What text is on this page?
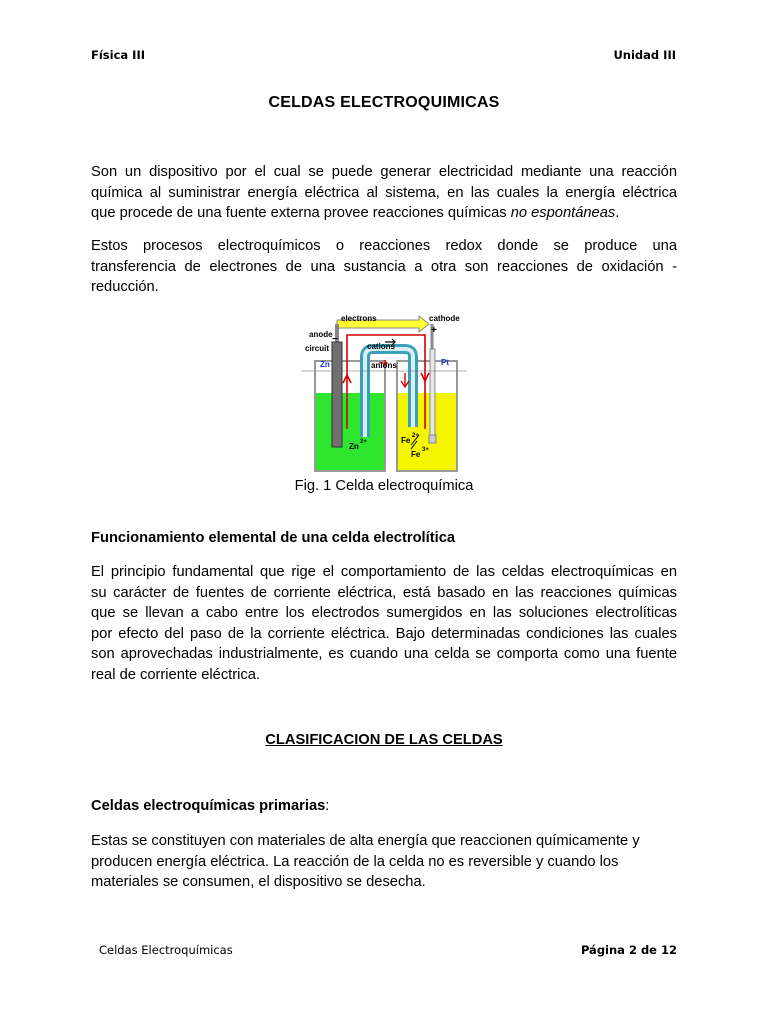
Física III	Unidad III
CELDAS ELECTROQUIMICAS

Son un dispositivo por el cual se puede generar electricidad mediante una reacción
química al suministrar energía eléctrica al sistema, en las cuales la energía eléctrica
que procede de una fuente externa provee reacciones químicas no espontáneas.

Estos procesos electroquímicos o reacciones redox donde se produce una
transferencia de electrones de una sustancia a otra son reacciones de oxidación -
reducción.

electrons	cathode
+
anode −
circuit	cations
anions
Zn	Pt
Zn 2+	Fe 2+
Fe 3+
Fig. 1 Celda electroquímica
Funcionamiento elemental de una celda electrolítica

El principio fundamental que rige el comportamiento de las celdas electroquímicas en
su carácter de fuentes de corriente eléctrica, está basado en las reacciones químicas
que se llevan a cabo entre los electrodos sumergidos en las soluciones electrolíticas
por efecto del paso de la corriente eléctrica. Bajo determinadas condiciones las cuales
son aprovechadas industrialmente, es cuando una celda se comporta como una fuente
real de corriente eléctrica.

CLASIFICACION DE LAS CELDAS
Celdas electroquímicas primarias:

Estas se constituyen con materiales de alta energía que reaccionen químicamente y
producen energía eléctrica. La reacción de la celda no es reversible y cuando los
materiales se consumen, el dispositivo se desecha.

Celdas Electroquímicas	Página 2 de 12
